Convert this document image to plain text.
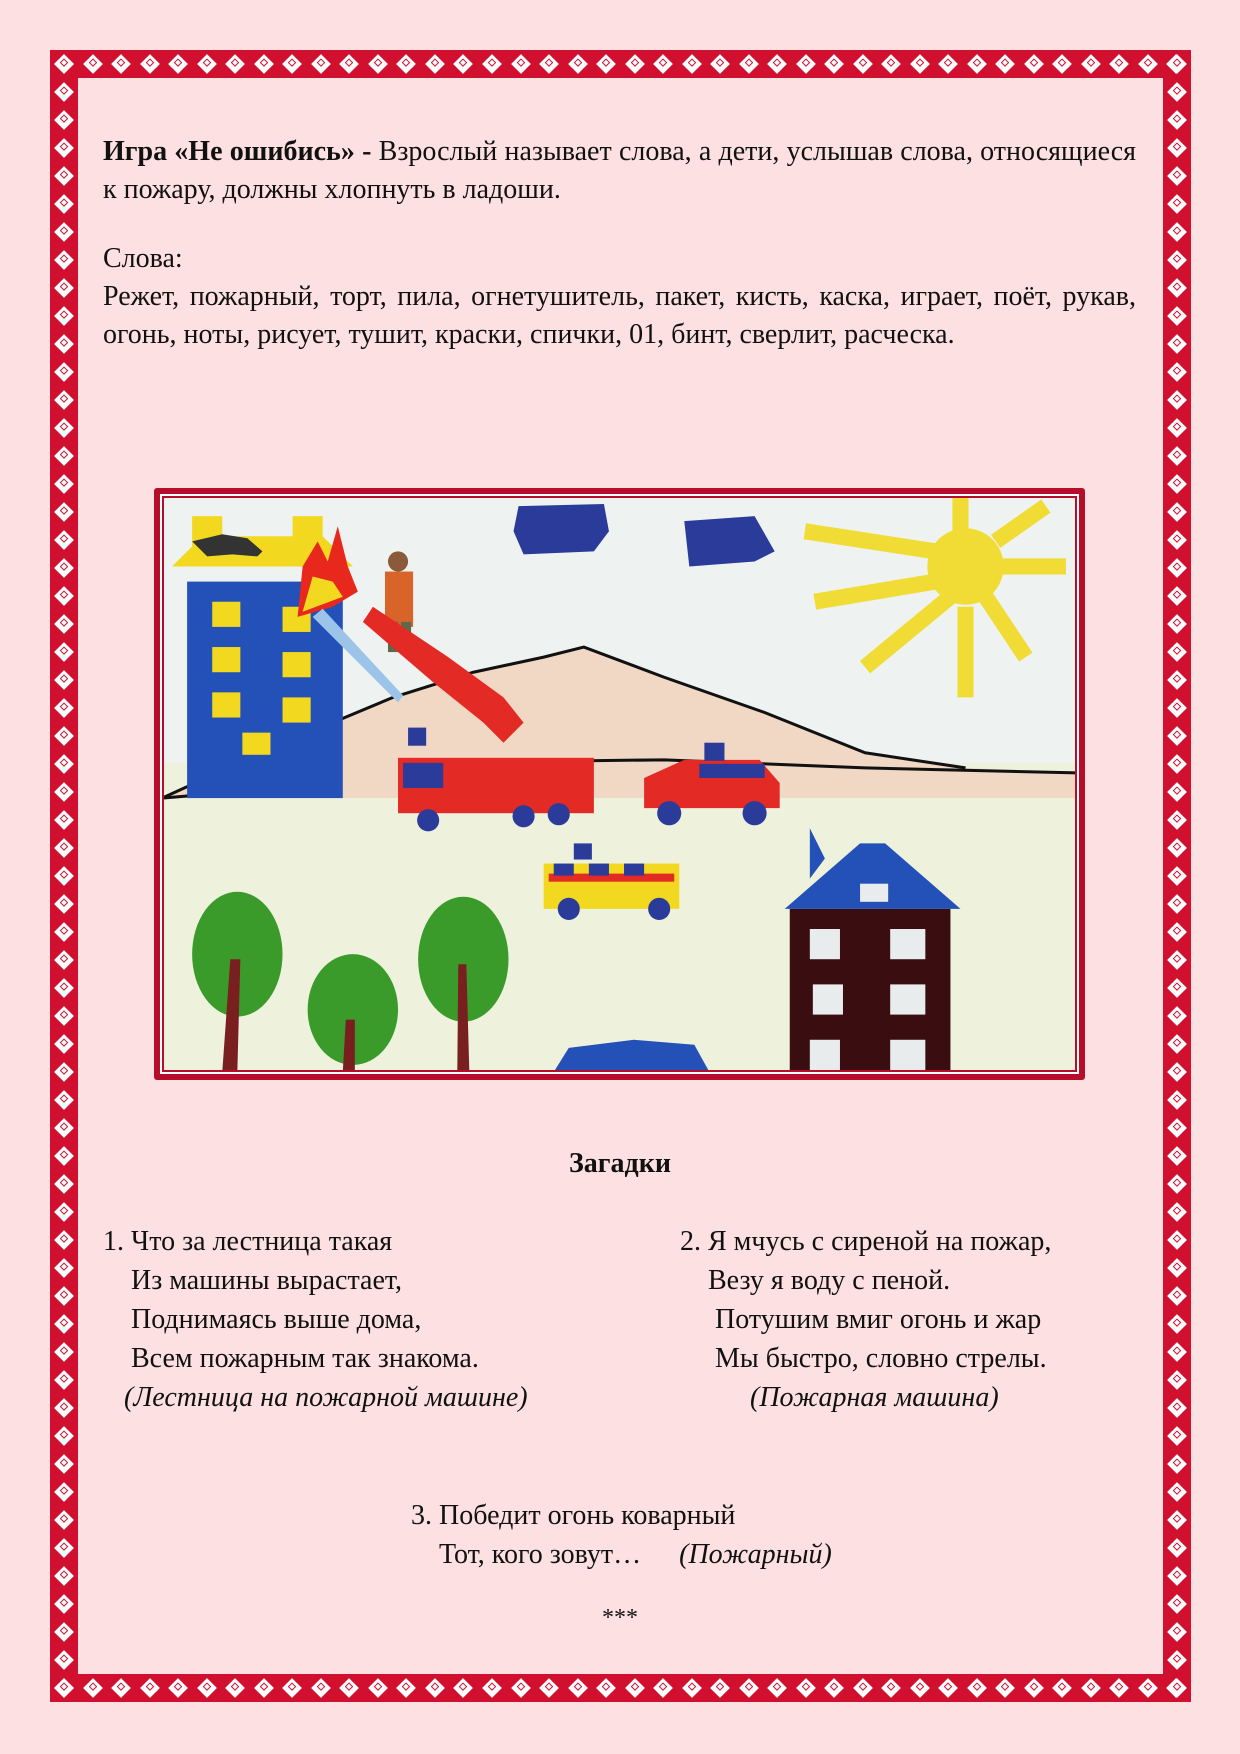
Игра «Не ошибись» - Взрослый называет слова, а дети, услышав слова, относящиеся к пожару, должны хлопнуть в ладоши.
Слова:
Режет, пожарный, торт, пила, огнетушитель, пакет, кисть, каска, играет, поёт, рукав, огонь, ноты, рисует, тушит, краски, спички, 01, бинт, сверлит, расческа.
Загадки
1. Что за лестница такая
Из машины вырастает,
Поднимаясь выше дома,
Всем пожарным так знакома.
(Лестница на пожарной машине)
2. Я мчусь с сиреной на пожар,
Везу я воду с пеной.
Потушим вмиг огонь и жар
Мы быстро, словно стрелы.
(Пожарная машина)
3. Победит огонь коварный
Тот, кого зовут… (Пожарный)
***
